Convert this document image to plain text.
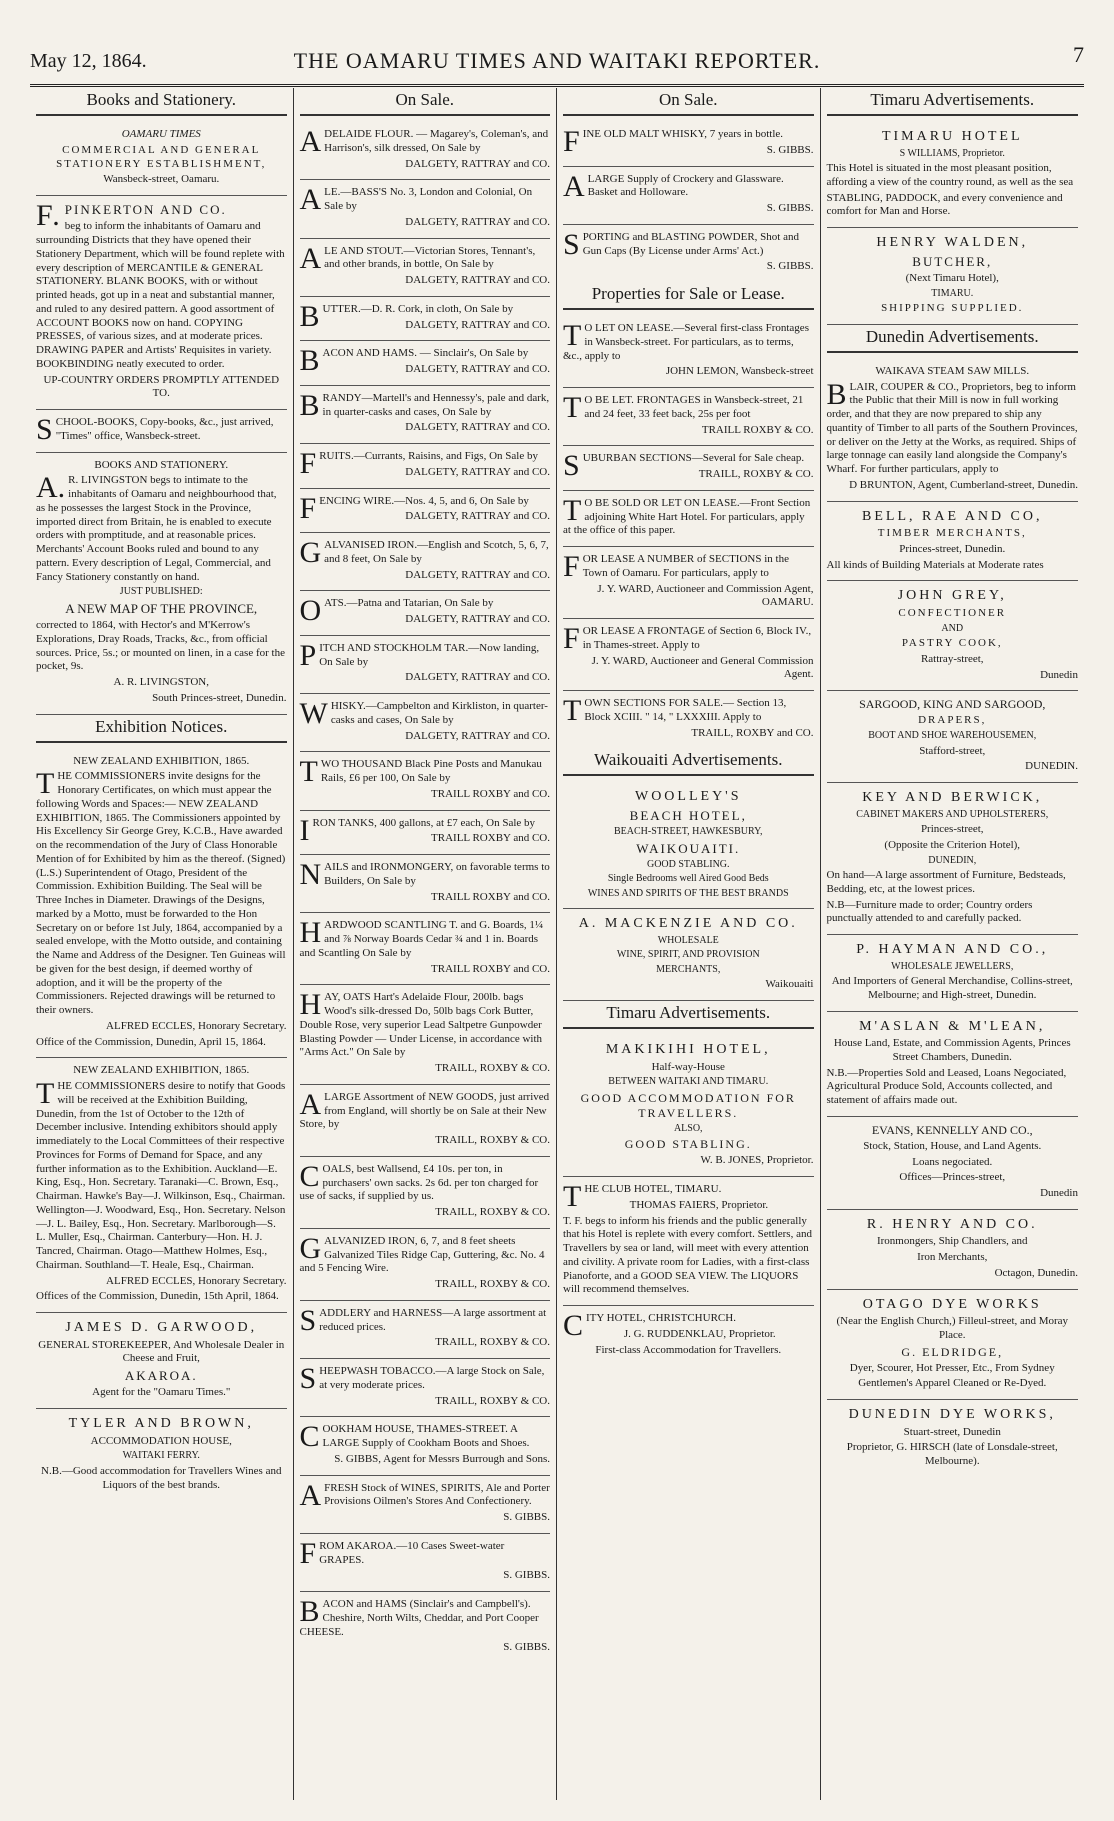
May 12, 1864.	THE OAMARU TIMES AND WAITAKI REPORTER.	7
Books and Stationery.

OAMARU TIMES

COMMERCIAL AND GENERAL STATIONERY ESTABLISHMENT,

Wansbeck-street, Oamaru.

F.PINKERTON AND CO.

beg to inform the inhabitants of Oamaru and surrounding Districts that they have opened their Stationery Department, which will be found replete with every description of MERCANTILE & GENERAL STATIONERY. BLANK BOOKS, with or without printed heads, got up in a neat and substantial manner, and ruled to any desired pattern. A good assortment of ACCOUNT BOOKS now on hand. COPYING PRESSES, of various sizes, and at moderate prices. DRAWING PAPER and Artists' Requisites in variety. BOOKBINDING neatly executed to order.

UP-COUNTRY ORDERS PROMPTLY ATTENDED TO.

SCHOOL-BOOKS, Copy-books, &c., just arrived, "Times" office, Wansbeck-street.

BOOKS AND STATIONERY.

A.R. LIVINGSTON begs to intimate to the inhabitants of Oamaru and neighbourhood that, as he possesses the largest Stock in the Province, imported direct from Britain, he is enabled to execute orders with promptitude, and at reasonable prices. Merchants' Account Books ruled and bound to any pattern. Every description of Legal, Commercial, and Fancy Stationery constantly on hand.

JUST PUBLISHED:

A NEW MAP OF THE PROVINCE,

corrected to 1864, with Hector's and M'Kerrow's Explorations, Dray Roads, Tracks, &c., from official sources. Price, 5s.; or mounted on linen, in a case for the pocket, 9s.

A. R. LIVINGSTON,

South Princes-street, Dunedin.

Exhibition Notices.

NEW ZEALAND EXHIBITION, 1865.

THE COMMISSIONERS invite designs for the Honorary Certificates, on which must appear the following Words and Spaces:— NEW ZEALAND EXHIBITION, 1865. The Commissioners appointed by His Excellency Sir George Grey, K.C.B., Have awarded on the recommendation of the Jury of Class Honorable Mention of for Exhibited by him as the thereof. (Signed) (L.S.) Superintendent of Otago, President of the Commission. Exhibition Building. The Seal will be Three Inches in Diameter. Drawings of the Designs, marked by a Motto, must be forwarded to the Hon Secretary on or before 1st July, 1864, accompanied by a sealed envelope, with the Motto outside, and containing the Name and Address of the Designer. Ten Guineas will be given for the best design, if deemed worthy of adoption, and it will be the property of the Commissioners. Rejected drawings will be returned to their owners.

ALFRED ECCLES, Honorary Secretary.

Office of the Commission, Dunedin, April 15, 1864.

NEW ZEALAND EXHIBITION, 1865.

THE COMMISSIONERS desire to notify that Goods will be received at the Exhibition Building, Dunedin, from the 1st of October to the 12th of December inclusive. Intending exhibitors should apply immediately to the Local Committees of their respective Provinces for Forms of Demand for Space, and any further information as to the Exhibition. Auckland—E. King, Esq., Hon. Secretary. Taranaki—C. Brown, Esq., Chairman. Hawke's Bay—J. Wilkinson, Esq., Chairman. Wellington—J. Woodward, Esq., Hon. Secretary. Nelson—J. L. Bailey, Esq., Hon. Secretary. Marlborough—S. L. Muller, Esq., Chairman. Canterbury—Hon. H. J. Tancred, Chairman. Otago—Matthew Holmes, Esq., Chairman. Southland—T. Heale, Esq., Chairman.

ALFRED ECCLES, Honorary Secretary.

Offices of the Commission, Dunedin, 15th April, 1864.

JAMES D. GARWOOD,

GENERAL STOREKEEPER, And Wholesale Dealer in Cheese and Fruit,

AKAROA.

Agent for the "Oamaru Times."

TYLER AND BROWN,

ACCOMMODATION HOUSE,

WAITAKI FERRY.

N.B.—Good accommodation for Travellers Wines and Liquors of the best brands.

On Sale.

ADELAIDE FLOUR. — Magarey's, Coleman's, and Harrison's, silk dressed, On Sale by

DALGETY, RATTRAY and CO.

ALE.—BASS'S No. 3, London and Colonial, On Sale by

DALGETY, RATTRAY and CO.

ALE AND STOUT.—Victorian Stores, Tennant's, and other brands, in bottle, On Sale by

DALGETY, RATTRAY and CO.

BUTTER.—D. R. Cork, in cloth, On Sale by

DALGETY, RATTRAY and CO.

BACON AND HAMS. — Sinclair's, On Sale by

DALGETY, RATTRAY and CO.

BRANDY—Martell's and Hennessy's, pale and dark, in quarter-casks and cases, On Sale by

DALGETY, RATTRAY and CO.

FRUITS.—Currants, Raisins, and Figs, On Sale by

DALGETY, RATTRAY and CO.

FENCING WIRE.—Nos. 4, 5, and 6, On Sale by

DALGETY, RATTRAY and CO.

GALVANISED IRON.—English and Scotch, 5, 6, 7, and 8 feet, On Sale by

DALGETY, RATTRAY and CO.

OATS.—Patna and Tatarian, On Sale by

DALGETY, RATTRAY and CO.

PITCH AND STOCKHOLM TAR.—Now landing, On Sale by

DALGETY, RATTRAY and CO.

WHISKY.—Campbelton and Kirkliston, in quarter-casks and cases, On Sale by

DALGETY, RATTRAY and CO.

TWO THOUSAND Black Pine Posts and Manukau Rails, £6 per 100, On Sale by

TRAILL ROXBY and CO.

IRON TANKS, 400 gallons, at £7 each, On Sale by

TRAILL ROXBY and CO.

NAILS and IRONMONGERY, on favorable terms to Builders, On Sale by

TRAILL ROXBY and CO.

HARDWOOD SCANTLING T. and G. Boards, 1¼ and ⅞ Norway Boards Cedar ¾ and 1 in. Boards and Scantling On Sale by

TRAILL ROXBY and CO.

HAY, OATS Hart's Adelaide Flour, 200lb. bags Wood's silk-dressed Do, 50lb bags Cork Butter, Double Rose, very superior Lead Saltpetre Gunpowder Blasting Powder — Under License, in accordance with "Arms Act." On Sale by

TRAILL, ROXBY & CO.

ALARGE Assortment of NEW GOODS, just arrived from England, will shortly be on Sale at their New Store, by

TRAILL, ROXBY & CO.

COALS, best Wallsend, £4 10s. per ton, in purchasers' own sacks. 2s 6d. per ton charged for use of sacks, if supplied by us.

TRAILL, ROXBY & CO.

GALVANIZED IRON, 6, 7, and 8 feet sheets Galvanized Tiles Ridge Cap, Guttering, &c. No. 4 and 5 Fencing Wire.

TRAILL, ROXBY & CO.

SADDLERY and HARNESS—A large assortment at reduced prices.

TRAILL, ROXBY & CO.

SHEEPWASH TOBACCO.—A large Stock on Sale, at very moderate prices.

TRAILL, ROXBY & CO.

COOKHAM HOUSE, THAMES-STREET. A LARGE Supply of Cookham Boots and Shoes.

S. GIBBS, Agent for Messrs Burrough and Sons.

AFRESH Stock of WINES, SPIRITS, Ale and Porter Provisions Oilmen's Stores And Confectionery.

S. GIBBS.

FROM AKAROA.—10 Cases Sweet-water GRAPES.

S. GIBBS.

BACON and HAMS (Sinclair's and Campbell's). Cheshire, North Wilts, Cheddar, and Port Cooper CHEESE.

S. GIBBS.

On Sale.

FINE OLD MALT WHISKY, 7 years in bottle.

S. GIBBS.

ALARGE Supply of Crockery and Glassware. Basket and Holloware.

S. GIBBS.

SPORTING and BLASTING POWDER, Shot and Gun Caps (By License under Arms' Act.)

S. GIBBS.

Properties for Sale or Lease.

TO LET ON LEASE.—Several first-class Frontages in Wansbeck-street. For particulars, as to terms, &c., apply to

JOHN LEMON, Wansbeck-street

TO BE LET. FRONTAGES in Wansbeck-street, 21 and 24 feet, 33 feet back, 25s per foot

TRAILL ROXBY & CO.

SUBURBAN SECTIONS—Several for Sale cheap.

TRAILL, ROXBY & CO.

TO BE SOLD OR LET ON LEASE.—Front Section adjoining White Hart Hotel. For particulars, apply at the office of this paper.

FOR LEASE A NUMBER of SECTIONS in the Town of Oamaru. For particulars, apply to

J. Y. WARD, Auctioneer and Commission Agent, OAMARU.

FOR LEASE A FRONTAGE of Section 6, Block IV., in Thames-street. Apply to

J. Y. WARD, Auctioneer and General Commission Agent.

TOWN SECTIONS FOR SALE.— Section 13, Block XCIII. " 14, " LXXXIII. Apply to

TRAILL, ROXBY and CO.

Waikouaiti Advertisements.

WOOLLEY'S

BEACH HOTEL,

BEACH-STREET, HAWKESBURY,

WAIKOUAITI.

GOOD STABLING.

Single Bedrooms well Aired Good Beds

WINES AND SPIRITS OF THE BEST BRANDS

A. MACKENZIE AND CO.

WHOLESALE

WINE, SPIRIT, AND PROVISION

MERCHANTS,

Waikouaiti

Timaru Advertisements.

MAKIKIHI HOTEL,

Half-way-House

BETWEEN WAITAKI AND TIMARU.

GOOD ACCOMMODATION FOR TRAVELLERS.

ALSO,

GOOD STABLING.

W. B. JONES, Proprietor.

THE CLUB HOTEL, TIMARU.

THOMAS FAIERS, Proprietor.

T. F. begs to inform his friends and the public generally that his Hotel is replete with every comfort. Settlers, and Travellers by sea or land, will meet with every attention and civility. A private room for Ladies, with a first-class Pianoforte, and a GOOD SEA VIEW. The LIQUORS will recommend themselves.

CITY HOTEL, CHRISTCHURCH.

J. G. RUDDENKLAU, Proprietor.

First-class Accommodation for Travellers.

Timaru Advertisements.

TIMARU HOTEL

S WILLIAMS, Proprietor.

This Hotel is situated in the most pleasant position, affording a view of the country round, as well as the sea

STABLING, PADDOCK, and every convenience and comfort for Man and Horse.

HENRY WALDEN,

BUTCHER,

(Next Timaru Hotel),

TIMARU.

SHIPPING SUPPLIED.

Dunedin Advertisements.

WAIKAVA STEAM SAW MILLS.

BLAIR, COUPER & CO., Proprietors, beg to inform the Public that their Mill is now in full working order, and that they are now prepared to ship any quantity of Timber to all parts of the Southern Provinces, or deliver on the Jetty at the Works, as required. Ships of large tonnage can easily land alongside the Company's Wharf. For further particulars, apply to

D BRUNTON, Agent, Cumberland-street, Dunedin.

BELL, RAE AND CO,

TIMBER MERCHANTS,

Princes-street, Dunedin.

All kinds of Building Materials at Moderate rates

JOHN GREY,

CONFECTIONER

AND

PASTRY COOK,

Rattray-street,

Dunedin

SARGOOD, KING AND SARGOOD,

DRAPERS,

BOOT AND SHOE WAREHOUSEMEN,

Stafford-street,

DUNEDIN.

KEY AND BERWICK,

CABINET MAKERS AND UPHOLSTERERS,

Princes-street,

(Opposite the Criterion Hotel),

DUNEDIN,

On hand—A large assortment of Furniture, Bedsteads, Bedding, etc, at the lowest prices.

N.B—Furniture made to order; Country orders punctually attended to and carefully packed.

P. HAYMAN AND CO.,

WHOLESALE JEWELLERS,

And Importers of General Merchandise, Collins-street, Melbourne; and High-street, Dunedin.

M'ASLAN & M'LEAN,

House Land, Estate, and Commission Agents, Princes Street Chambers, Dunedin.

N.B.—Properties Sold and Leased, Loans Negociated, Agricultural Produce Sold, Accounts collected, and statement of affairs made out.

EVANS, KENNELLY AND CO.,

Stock, Station, House, and Land Agents.

Loans negociated.

Offices—Princes-street,

Dunedin

R. HENRY AND CO.

Ironmongers, Ship Chandlers, and

Iron Merchants,

Octagon, Dunedin.

OTAGO DYE WORKS

(Near the English Church,) Filleul-street, and Moray Place.

G. ELDRIDGE,

Dyer, Scourer, Hot Presser, Etc., From Sydney

Gentlemen's Apparel Cleaned or Re-Dyed.

DUNEDIN DYE WORKS,

Stuart-street, Dunedin

Proprietor, G. HIRSCH (late of Lonsdale-street, Melbourne).
